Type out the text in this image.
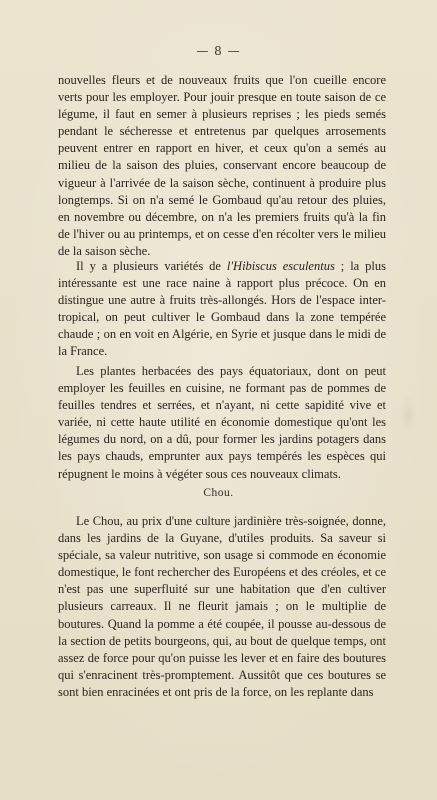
— 8 —

nouvelles fleurs et de nouveaux fruits que l'on cueille encore verts pour les employer. Pour jouir presque en toute saison de ce légume, il faut en semer à plusieurs reprises ; les pieds semés pendant le sécheresse et entretenus par quelques arrosements peuvent entrer en rapport en hiver, et ceux qu'on a semés au milieu de la saison des pluies, conservant encore beaucoup de vigueur à l'arrivée de la saison sèche, continuent à produire plus longtemps. Si on n'a semé le Gombaud qu'au retour des pluies, en novembre ou décembre, on n'a les premiers fruits qu'à la fin de l'hiver ou au printemps, et on cesse d'en récolter vers le milieu de la saison sèche.

Il y a plusieurs variétés de l'Hibiscus esculentus ; la plus intéressante est une race naine à rapport plus précoce. On en distingue une autre à fruits très-allongés. Hors de l'espace inter-tropical, on peut cultiver le Gombaud dans la zone tempérée chaude ; on en voit en Algérie, en Syrie et jusque dans le midi de la France.

Les plantes herbacées des pays équatoriaux, dont on peut employer les feuilles en cuisine, ne formant pas de pommes de feuilles tendres et serrées, et n'ayant, ni cette sapidité vive et variée, ni cette haute utilité en économie domestique qu'ont les légumes du nord, on a dû, pour former les jardins potagers dans les pays chauds, emprunter aux pays tempérés les espèces qui répugnent le moins à végéter sous ces nouveaux climats.

Chou.

Le Chou, au prix d'une culture jardinière très-soignée, donne, dans les jardins de la Guyane, d'utiles produits. Sa saveur si spéciale, sa valeur nutritive, son usage si commode en économie domestique, le font rechercher des Européens et des créoles, et ce n'est pas une superfluité sur une habitation que d'en cultiver plusieurs carreaux. Il ne fleurit jamais ; on le multiplie de boutures. Quand la pomme a été coupée, il pousse au-dessous de la section de petits bourgeons, qui, au bout de quelque temps, ont assez de force pour qu'on puisse les lever et en faire des boutures qui s'enracinent très-promptement. Aussitôt que ces boutures se sont bien enracinées et ont pris de la force, on les replante dans
